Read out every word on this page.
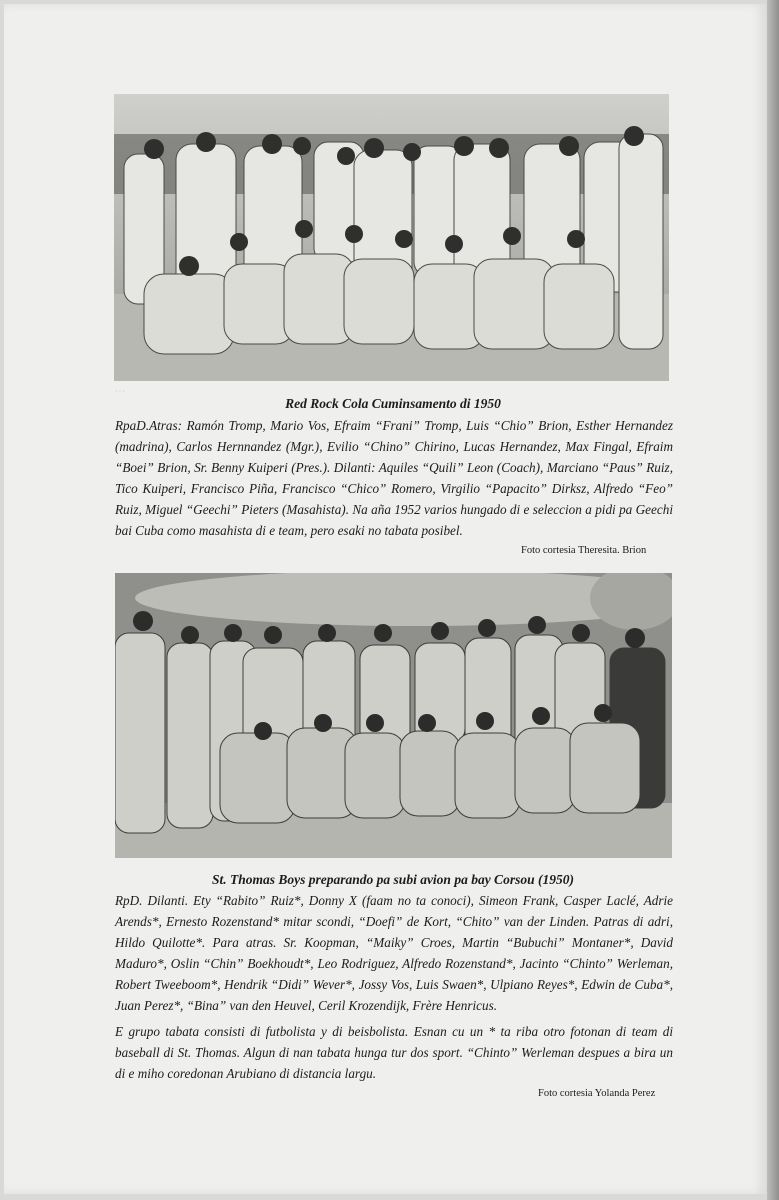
…

Red Rock Cola Cuminsamento di 1950

RpaD.Atras: Ramón Tromp, Mario Vos, Efraim “Frani” Tromp, Luis “Chio” Brion, Esther Hernandez (madrina), Carlos Hernnandez (Mgr.), Evilio “Chino” Chirino, Lucas Hernandez, Max Fingal, Efraim “Boei” Brion, Sr. Benny Kuiperi (Pres.). Dilanti: Aquiles “Quili” Leon (Coach), Marciano “Paus” Ruiz, Tico Kuiperi, Francisco Piña, Francisco “Chico” Romero, Virgilio “Papacito” Dirksz, Alfredo “Feo” Ruiz, Miguel “Geechi” Pieters (Masahista). Na aña 1952 varios hungado di e seleccion a pidi pa Geechi bai Cuba como masahista di e team, pero esaki no tabata posibel.

Foto cortesia Theresita. Brion

St. Thomas Boys preparando pa subi avion pa bay Corsou (1950)

RpD. Dilanti. Ety “Rabito” Ruiz*, Donny X (faam no ta conoci), Simeon Frank, Casper Laclé, Adrie Arends*, Ernesto Rozenstand* mitar scondi, “Doefi” de Kort, “Chito” van der Linden. Patras di adri, Hildo Quilotte*. Para atras. Sr. Koopman, “Maiky” Croes, Martin “Bubuchi” Montaner*, David Maduro*, Oslin “Chin” Boekhoudt*, Leo Rodriguez, Alfredo Rozenstand*, Jacinto “Chinto” Werleman, Robert Tweeboom*, Hendrik “Didi” Wever*, Jossy Vos, Luis Swaen*, Ulpiano Reyes*, Edwin de Cuba*, Juan Perez*, “Bina” van den Heuvel, Ceril Krozendijk, Frère Henricus.

E grupo tabata consisti di futbolista y di beisbolista. Esnan cu un * ta riba otro fotonan di team di baseball di St. Thomas. Algun di nan tabata hunga tur dos sport. “Chinto” Werleman despues a bira un di e miho coredonan Arubiano di distancia largu.

Foto cortesia Yolanda Perez
